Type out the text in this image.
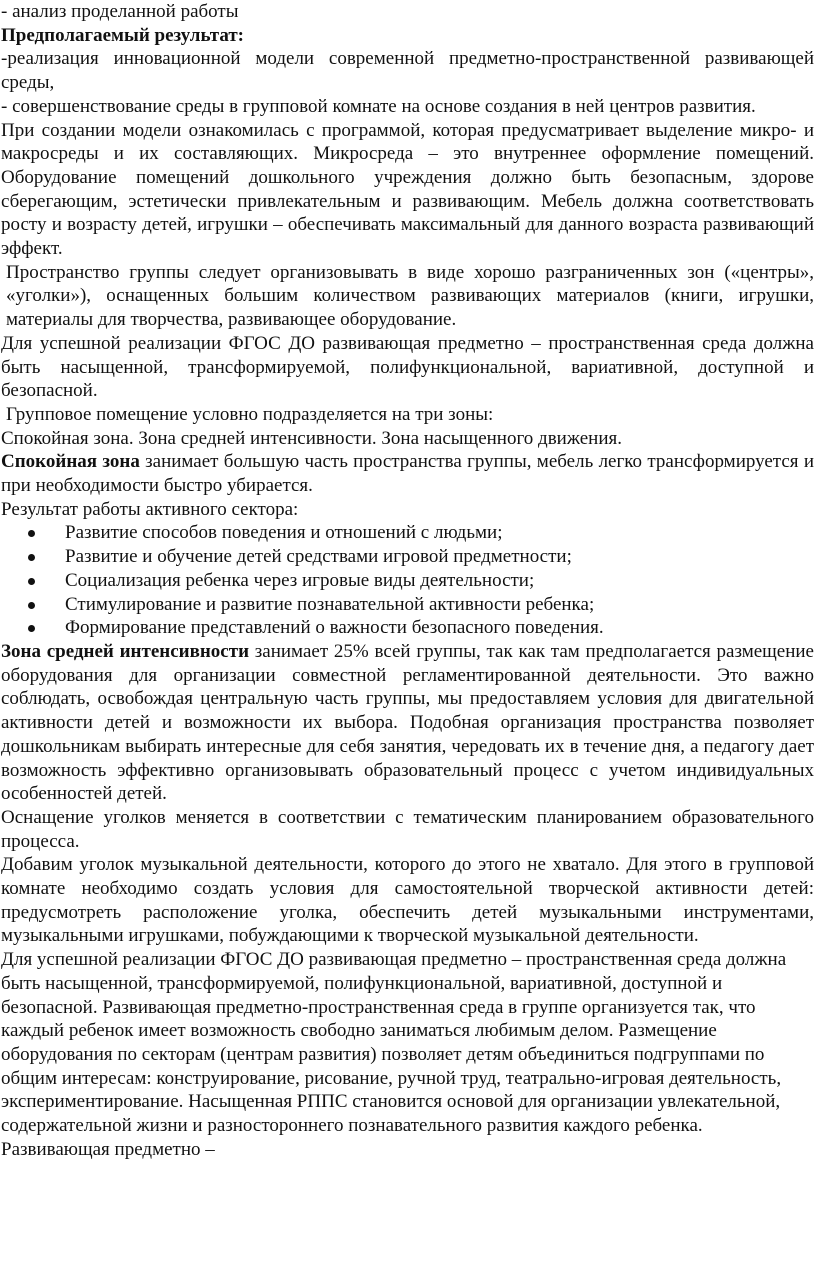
- анализ проделанной работы

Предполагаемый результат:

-реализация инновационной модели современной предметно-пространственной развивающей среды,

- совершенствование среды в групповой комнате на основе создания в ней центров развития.

При создании модели ознакомилась с программой, которая предусматривает выделение микро- и макросреды и их составляющих. Микросреда – это внутреннее оформление помещений. Оборудование помещений дошкольного учреждения должно быть безопасным, здорове сберегающим, эстетически привлекательным и развивающим. Мебель должна соответствовать росту и возрасту детей, игрушки – обеспечивать максимальный для данного возраста развивающий эффект.

Пространство группы следует организовывать в виде хорошо разграниченных зон («центры», «уголки»), оснащенных большим количеством развивающих материалов (книги, игрушки, материалы для творчества, развивающее оборудование.

Для успешной реализации ФГОС ДО развивающая предметно – пространственная среда должна быть насыщенной, трансформируемой, полифункциональной, вариативной, доступной и безопасной.

Групповое помещение условно подразделяется на три зоны:

Спокойная зона. Зона средней интенсивности. Зона насыщенного движения.

Спокойная зона занимает большую часть пространства группы, мебель легко трансформируется и при необходимости быстро убирается.

Результат работы активного сектора:

Развитие способов поведения и отношений с людьми;
Развитие и обучение детей средствами игровой предметности;
Социализация ребенка через игровые виды деятельности;
Стимулирование и развитие познавательной активности ребенка;
Формирование представлений о важности безопасного поведения.

Зона средней интенсивности занимает 25% всей группы, так как там предполагается размещение оборудования для организации совместной регламентированной деятельности. Это важно соблюдать, освобождая центральную часть группы, мы предоставляем условия для двигательной активности детей и возможности их выбора. Подобная организация пространства позволяет дошкольникам выбирать интересные для себя занятия, чередовать их в течение дня, а педагогу дает возможность эффективно организовывать образовательный процесс с учетом индивидуальных особенностей детей.

Оснащение уголков меняется в соответствии с тематическим планированием образовательного процесса.

Добавим уголок музыкальной деятельности, которого до этого не хватало. Для этого в групповой комнате необходимо создать условия для самостоятельной творческой активности детей: предусмотреть расположение уголка, обеспечить детей музыкальными инструментами, музыкальными игрушками, побуждающими к творческой музыкальной деятельности.

Для успешной реализации ФГОС ДО развивающая предметно – пространственная среда должна быть насыщенной, трансформируемой, полифункциональной, вариативной, доступной и безопасной. Развивающая предметно-пространственная среда в группе организуется так, что каждый ребенок имеет возможность свободно заниматься любимым делом. Размещение оборудования по секторам (центрам развития) позволяет детям объединиться подгруппами по общим интересам: конструирование, рисование, ручной труд, театрально-игровая деятельность, экспериментирование. Насыщенная РППС становится основой для организации увлекательной, содержательной жизни и разностороннего познавательного развития каждого ребенка. Развивающая предметно –
